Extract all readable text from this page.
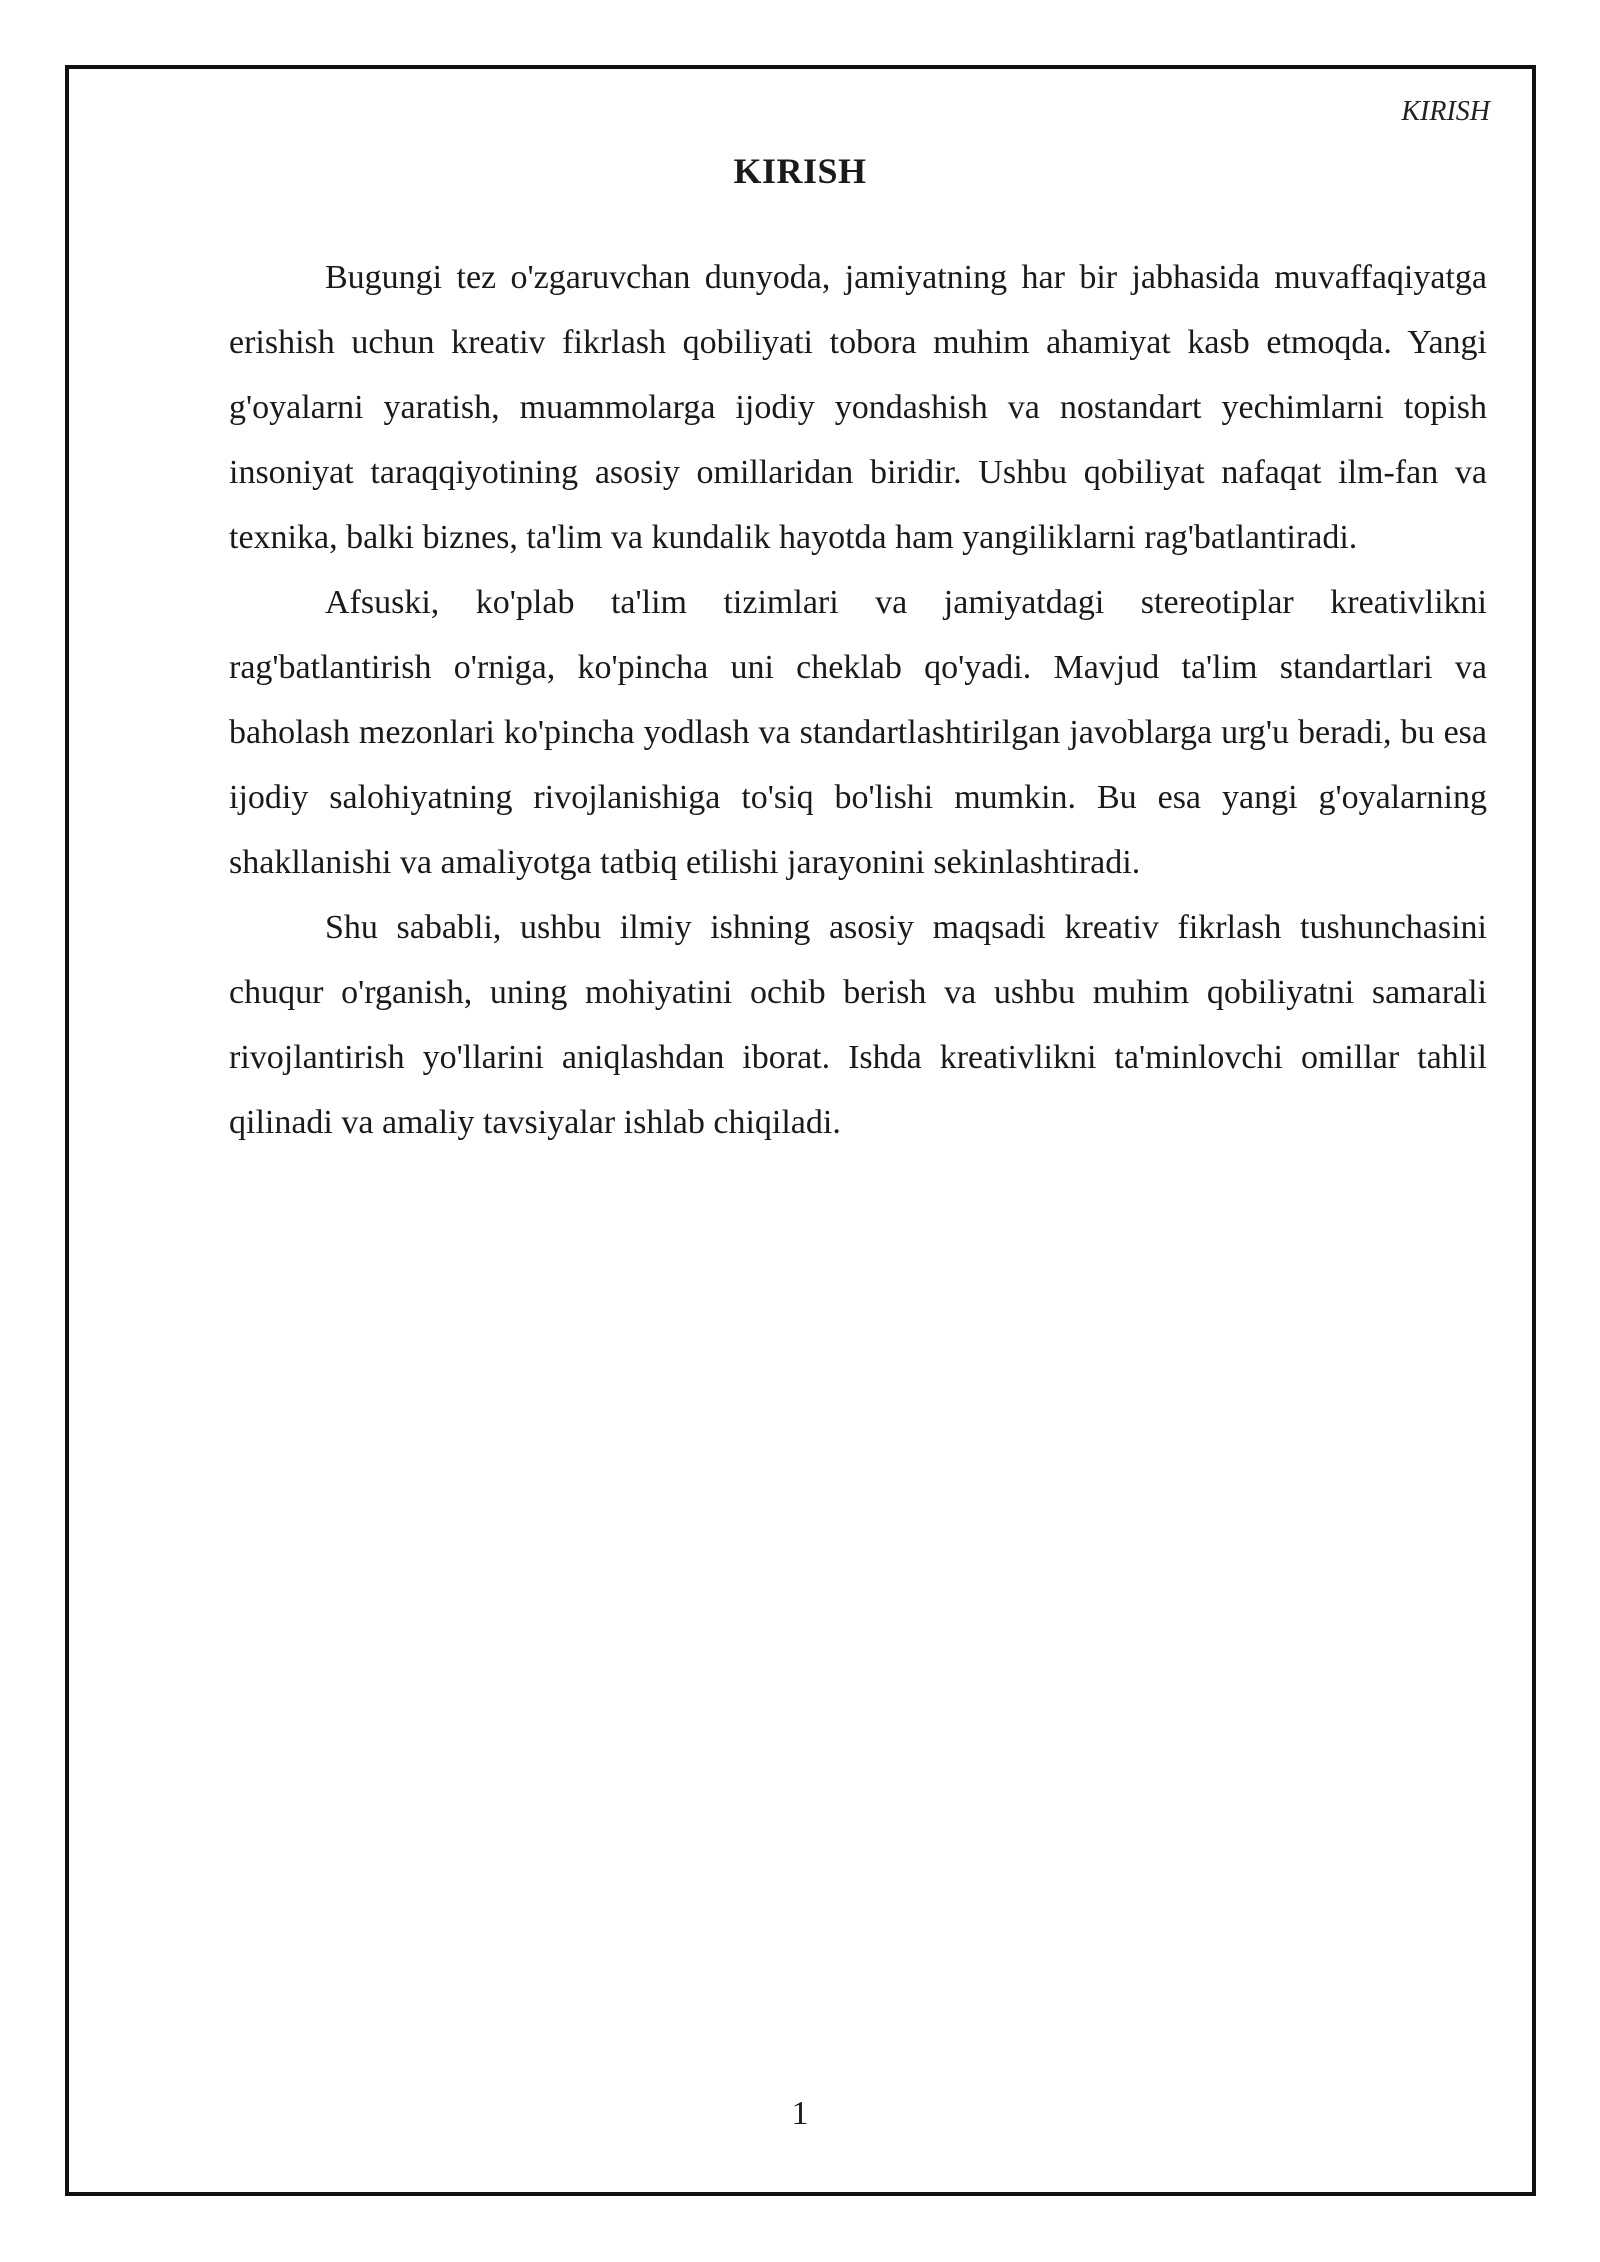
KIRISH
KIRISH

Bugungi tez o'zgaruvchan dunyoda, jamiyatning har bir jabhasida muvaffaqiyatga erishish uchun kreativ fikrlash qobiliyati tobora muhim ahamiyat kasb etmoqda. Yangi g'oyalarni yaratish, muammolarga ijodiy yondashish va nostandart yechimlarni topish insoniyat taraqqiyotining asosiy omillaridan biridir. Ushbu qobiliyat nafaqat ilm-fan va texnika, balki biznes, ta'lim va kundalik hayotda ham yangiliklarni rag'batlantiradi.

Afsuski, ko'plab ta'lim tizimlari va jamiyatdagi stereotiplar kreativlikni rag'batlantirish o'rniga, ko'pincha uni cheklab qo'yadi. Mavjud ta'lim standartlari va baholash mezonlari ko'pincha yodlash va standartlashtirilgan javoblarga urg'u beradi, bu esa ijodiy salohiyatning rivojlanishiga to'siq bo'lishi mumkin. Bu esa yangi g'oyalarning shakllanishi va amaliyotga tatbiq etilishi jarayonini sekinlashtiradi.

Shu sababli, ushbu ilmiy ishning asosiy maqsadi kreativ fikrlash tushunchasini chuqur o'rganish, uning mohiyatini ochib berish va ushbu muhim qobiliyatni samarali rivojlantirish yo'llarini aniqlashdan iborat. Ishda kreativlikni ta'minlovchi omillar tahlil qilinadi va amaliy tavsiyalar ishlab chiqiladi.

1
